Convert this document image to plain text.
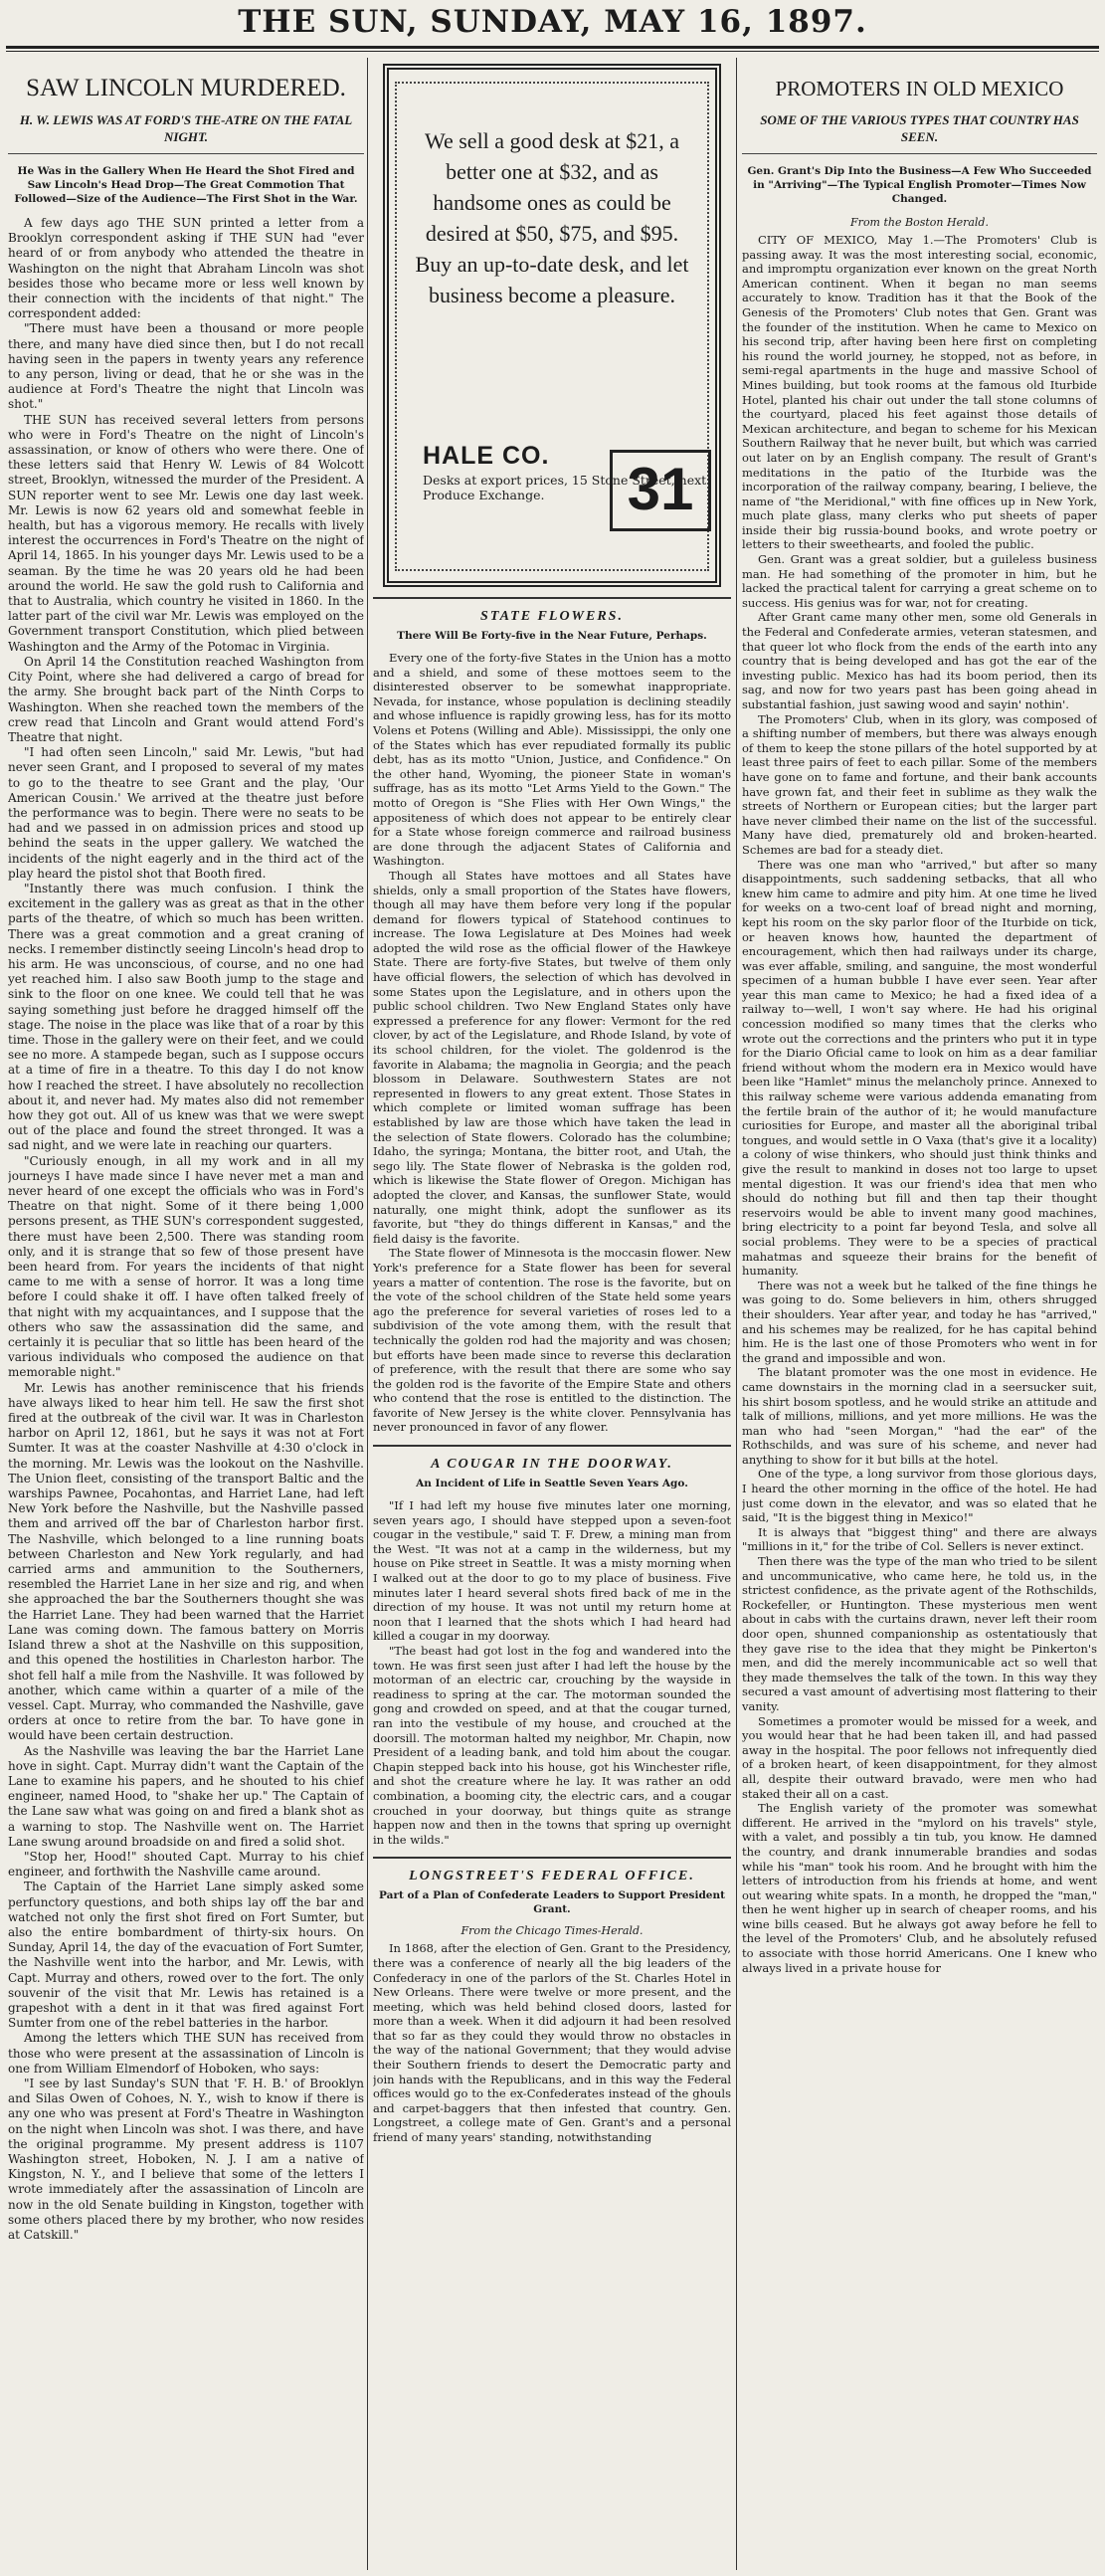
THE SUN, SUNDAY, MAY 16, 1897.
SAW LINCOLN MURDERED.
H. W. LEWIS WAS AT FORD'S THE-ATRE ON THE FATAL NIGHT.
He Was in the Gallery When He Heard the Shot Fired and Saw Lincoln's Head Drop—The Great Commotion That Followed—Size of the Audience—The First Shot in the War.

A few days ago THE SUN printed a letter from a Brooklyn correspondent asking if THE SUN had "ever heard of or from anybody who attended the theatre in Washington on the night that Abraham Lincoln was shot besides those who became more or less well known by their connection with the incidents of that night." The correspondent added:

"There must have been a thousand or more people there, and many have died since then, but I do not recall having seen in the papers in twenty years any reference to any person, living or dead, that he or she was in the audience at Ford's Theatre the night that Lincoln was shot."

THE SUN has received several letters from persons who were in Ford's Theatre on the night of Lincoln's assassination, or know of others who were there. One of these letters said that Henry W. Lewis of 84 Wolcott street, Brooklyn, witnessed the murder of the President. A SUN reporter went to see Mr. Lewis one day last week. Mr. Lewis is now 62 years old and somewhat feeble in health, but has a vigorous memory. He recalls with lively interest the occurrences in Ford's Theatre on the night of April 14, 1865. In his younger days Mr. Lewis used to be a seaman. By the time he was 20 years old he had been around the world. He saw the gold rush to California and that to Australia, which country he visited in 1860. In the latter part of the civil war Mr. Lewis was employed on the Government transport Constitution, which plied between Washington and the Army of the Potomac in Virginia.

On April 14 the Constitution reached Washington from City Point, where she had delivered a cargo of bread for the army. She brought back part of the Ninth Corps to Washington. When she reached town the members of the crew read that Lincoln and Grant would attend Ford's Theatre that night.

"I had often seen Lincoln," said Mr. Lewis, "but had never seen Grant, and I proposed to several of my mates to go to the theatre to see Grant and the play, 'Our American Cousin.' We arrived at the theatre just before the performance was to begin. There were no seats to be had and we passed in on admission prices and stood up behind the seats in the upper gallery. We watched the incidents of the night eagerly and in the third act of the play heard the pistol shot that Booth fired.

"Instantly there was much confusion. I think the excitement in the gallery was as great as that in the other parts of the theatre, of which so much has been written. There was a great commotion and a great craning of necks. I remember distinctly seeing Lincoln's head drop to his arm. He was unconscious, of course, and no one had yet reached him. I also saw Booth jump to the stage and sink to the floor on one knee. We could tell that he was saying something just before he dragged himself off the stage. The noise in the place was like that of a roar by this time. Those in the gallery were on their feet, and we could see no more. A stampede began, such as I suppose occurs at a time of fire in a theatre. To this day I do not know how I reached the street. I have absolutely no recollection about it, and never had. My mates also did not remember how they got out. All of us knew was that we were swept out of the place and found the street thronged. It was a sad night, and we were late in reaching our quarters.

"Curiously enough, in all my work and in all my journeys I have made since I have never met a man and never heard of one except the officials who was in Ford's Theatre on that night. Some of it there being 1,000 persons present, as THE SUN's correspondent suggested, there must have been 2,500. There was standing room only, and it is strange that so few of those present have been heard from. For years the incidents of that night came to me with a sense of horror. It was a long time before I could shake it off. I have often talked freely of that night with my acquaintances, and I suppose that the others who saw the assassination did the same, and certainly it is peculiar that so little has been heard of the various individuals who composed the audience on that memorable night."

Mr. Lewis has another reminiscence that his friends have always liked to hear him tell. He saw the first shot fired at the outbreak of the civil war. It was in Charleston harbor on April 12, 1861, but he says it was not at Fort Sumter. It was at the coaster Nashville at 4:30 o'clock in the morning. Mr. Lewis was the lookout on the Nashville. The Union fleet, consisting of the transport Baltic and the warships Pawnee, Pocahontas, and Harriet Lane, had left New York before the Nashville, but the Nashville passed them and arrived off the bar of Charleston harbor first. The Nashville, which belonged to a line running boats between Charleston and New York regularly, and had carried arms and ammunition to the Southerners, resembled the Harriet Lane in her size and rig, and when she approached the bar the Southerners thought she was the Harriet Lane. They had been warned that the Harriet Lane was coming down. The famous battery on Morris Island threw a shot at the Nashville on this supposition, and this opened the hostilities in Charleston harbor. The shot fell half a mile from the Nashville. It was followed by another, which came within a quarter of a mile of the vessel. Capt. Murray, who commanded the Nashville, gave orders at once to retire from the bar. To have gone in would have been certain destruction.

As the Nashville was leaving the bar the Harriet Lane hove in sight. Capt. Murray didn't want the Captain of the Lane to examine his papers, and he shouted to his chief engineer, named Hood, to "shake her up." The Captain of the Lane saw what was going on and fired a blank shot as a warning to stop. The Nashville went on. The Harriet Lane swung around broadside on and fired a solid shot.

"Stop her, Hood!" shouted Capt. Murray to his chief engineer, and forthwith the Nashville came around.

The Captain of the Harriet Lane simply asked some perfunctory questions, and both ships lay off the bar and watched not only the first shot fired on Fort Sumter, but also the entire bombardment of thirty-six hours. On Sunday, April 14, the day of the evacuation of Fort Sumter, the Nashville went into the harbor, and Mr. Lewis, with Capt. Murray and others, rowed over to the fort. The only souvenir of the visit that Mr. Lewis has retained is a grapeshot with a dent in it that was fired against Fort Sumter from one of the rebel batteries in the harbor.

Among the letters which THE SUN has received from those who were present at the assassination of Lincoln is one from William Elmendorf of Hoboken, who says:

"I see by last Sunday's SUN that 'F. H. B.' of Brooklyn and Silas Owen of Cohoes, N. Y., wish to know if there is any one who was present at Ford's Theatre in Washington on the night when Lincoln was shot. I was there, and have the original programme. My present address is 1107 Washington street, Hoboken, N. J. I am a native of Kingston, N. Y., and I believe that some of the letters I wrote immediately after the assassination of Lincoln are now in the old Senate building in Kingston, together with some others placed there by my brother, who now resides at Catskill."

We sell a good desk at $21, a better one at $32, and as handsome ones as could be desired at $50, $75, and $95. Buy an up-to-date desk, and let business become a pleasure.
HALE CO.
Desks at export prices, 15 Stone Street, next Produce Exchange.	31
STATE FLOWERS.
There Will Be Forty-five in the Near Future, Perhaps.

Every one of the forty-five States in the Union has a motto and a shield, and some of these mottoes seem to the disinterested observer to be somewhat inappropriate. Nevada, for instance, whose population is declining steadily and whose influence is rapidly growing less, has for its motto Volens et Potens (Willing and Able). Mississippi, the only one of the States which has ever repudiated formally its public debt, has as its motto "Union, Justice, and Confidence." On the other hand, Wyoming, the pioneer State in woman's suffrage, has as its motto "Let Arms Yield to the Gown." The motto of Oregon is "She Flies with Her Own Wings," the appositeness of which does not appear to be entirely clear for a State whose foreign commerce and railroad business are done through the adjacent States of California and Washington.

Though all States have mottoes and all States have shields, only a small proportion of the States have flowers, though all may have them before very long if the popular demand for flowers typical of Statehood continues to increase. The Iowa Legislature at Des Moines had week adopted the wild rose as the official flower of the Hawkeye State. There are forty-five States, but twelve of them only have official flowers, the selection of which has devolved in some States upon the Legislature, and in others upon the public school children. Two New England States only have expressed a preference for any flower: Vermont for the red clover, by act of the Legislature, and Rhode Island, by vote of its school children, for the violet. The goldenrod is the favorite in Alabama; the magnolia in Georgia; and the peach blossom in Delaware. Southwestern States are not represented in flowers to any great extent. Those States in which complete or limited woman suffrage has been established by law are those which have taken the lead in the selection of State flowers. Colorado has the columbine; Idaho, the syringa; Montana, the bitter root, and Utah, the sego lily. The State flower of Nebraska is the golden rod, which is likewise the State flower of Oregon. Michigan has adopted the clover, and Kansas, the sunflower State, would naturally, one might think, adopt the sunflower as its favorite, but "they do things different in Kansas," and the field daisy is the favorite.

The State flower of Minnesota is the moccasin flower. New York's preference for a State flower has been for several years a matter of contention. The rose is the favorite, but on the vote of the school children of the State held some years ago the preference for several varieties of roses led to a subdivision of the vote among them, with the result that technically the golden rod had the majority and was chosen; but efforts have been made since to reverse this declaration of preference, with the result that there are some who say the golden rod is the favorite of the Empire State and others who contend that the rose is entitled to the distinction. The favorite of New Jersey is the white clover. Pennsylvania has never pronounced in favor of any flower.

A COUGAR IN THE DOORWAY.
An Incident of Life in Seattle Seven Years Ago.

"If I had left my house five minutes later one morning, seven years ago, I should have stepped upon a seven-foot cougar in the vestibule," said T. F. Drew, a mining man from the West. "It was not at a camp in the wilderness, but my house on Pike street in Seattle. It was a misty morning when I walked out at the door to go to my place of business. Five minutes later I heard several shots fired back of me in the direction of my house. It was not until my return home at noon that I learned that the shots which I had heard had killed a cougar in my doorway.

"The beast had got lost in the fog and wandered into the town. He was first seen just after I had left the house by the motorman of an electric car, crouching by the wayside in readiness to spring at the car. The motorman sounded the gong and crowded on speed, and at that the cougar turned, ran into the vestibule of my house, and crouched at the doorsill. The motorman halted my neighbor, Mr. Chapin, now President of a leading bank, and told him about the cougar. Chapin stepped back into his house, got his Winchester rifle, and shot the creature where he lay. It was rather an odd combination, a booming city, the electric cars, and a cougar crouched in your doorway, but things quite as strange happen now and then in the towns that spring up overnight in the wilds."

LONGSTREET'S FEDERAL OFFICE.
Part of a Plan of Confederate Leaders to Support President Grant.
From the Chicago Times-Herald.

In 1868, after the election of Gen. Grant to the Presidency, there was a conference of nearly all the big leaders of the Confederacy in one of the parlors of the St. Charles Hotel in New Orleans. There were twelve or more present, and the meeting, which was held behind closed doors, lasted for more than a week. When it did adjourn it had been resolved that so far as they could they would throw no obstacles in the way of the national Government; that they would advise their Southern friends to desert the Democratic party and join hands with the Republicans, and in this way the Federal offices would go to the ex-Confederates instead of the ghouls and carpet-baggers that then infested that country. Gen. Longstreet, a college mate of Gen. Grant's and a personal friend of many years' standing, notwithstanding

PROMOTERS IN OLD MEXICO
SOME OF THE VARIOUS TYPES THAT COUNTRY HAS SEEN.
Gen. Grant's Dip Into the Business—A Few Who Succeeded in "Arriving"—The Typical English Promoter—Times Now Changed.
From the Boston Herald.

CITY OF MEXICO, May 1.—The Promoters' Club is passing away. It was the most interesting social, economic, and impromptu organization ever known on the great North American continent. When it began no man seems accurately to know. Tradition has it that the Book of the Genesis of the Promoters' Club notes that Gen. Grant was the founder of the institution. When he came to Mexico on his second trip, after having been here first on completing his round the world journey, he stopped, not as before, in semi-regal apartments in the huge and massive School of Mines building, but took rooms at the famous old Iturbide Hotel, planted his chair out under the tall stone columns of the courtyard, placed his feet against those details of Mexican architecture, and began to scheme for his Mexican Southern Railway that he never built, but which was carried out later on by an English company. The result of Grant's meditations in the patio of the Iturbide was the incorporation of the railway company, bearing, I believe, the name of "the Meridional," with fine offices up in New York, much plate glass, many clerks who put sheets of paper inside their big russia-bound books, and wrote poetry or letters to their sweethearts, and fooled the public.

Gen. Grant was a great soldier, but a guileless business man. He had something of the promoter in him, but he lacked the practical talent for carrying a great scheme on to success. His genius was for war, not for creating.

After Grant came many other men, some old Generals in the Federal and Confederate armies, veteran statesmen, and that queer lot who flock from the ends of the earth into any country that is being developed and has got the ear of the investing public. Mexico has had its boom period, then its sag, and now for two years past has been going ahead in substantial fashion, just sawing wood and sayin' nothin'.

The Promoters' Club, when in its glory, was composed of a shifting number of members, but there was always enough of them to keep the stone pillars of the hotel supported by at least three pairs of feet to each pillar. Some of the members have gone on to fame and fortune, and their bank accounts have grown fat, and their feet in sublime as they walk the streets of Northern or European cities; but the larger part have never climbed their name on the list of the successful. Many have died, prematurely old and broken-hearted. Schemes are bad for a steady diet.

There was one man who "arrived," but after so many disappointments, such saddening setbacks, that all who knew him came to admire and pity him. At one time he lived for weeks on a two-cent loaf of bread night and morning, kept his room on the sky parlor floor of the Iturbide on tick, or heaven knows how, haunted the department of encouragement, which then had railways under its charge, was ever affable, smiling, and sanguine, the most wonderful specimen of a human bubble I have ever seen. Year after year this man came to Mexico; he had a fixed idea of a railway to—well, I won't say where. He had his original concession modified so many times that the clerks who wrote out the corrections and the printers who put it in type for the Diario Oficial came to look on him as a dear familiar friend without whom the modern era in Mexico would have been like "Hamlet" minus the melancholy prince. Annexed to this railway scheme were various addenda emanating from the fertile brain of the author of it; he would manufacture curiosities for Europe, and master all the aboriginal tribal tongues, and would settle in O Vaxa (that's give it a locality) a colony of wise thinkers, who should just think thinks and give the result to mankind in doses not too large to upset mental digestion. It was our friend's idea that men who should do nothing but fill and then tap their thought reservoirs would be able to invent many good machines, bring electricity to a point far beyond Tesla, and solve all social problems. They were to be a species of practical mahatmas and squeeze their brains for the benefit of humanity.

There was not a week but he talked of the fine things he was going to do. Some believers in him, others shrugged their shoulders. Year after year, and today he has "arrived," and his schemes may be realized, for he has capital behind him. He is the last one of those Promoters who went in for the grand and impossible and won.

The blatant promoter was the one most in evidence. He came downstairs in the morning clad in a seersucker suit, his shirt bosom spotless, and he would strike an attitude and talk of millions, millions, and yet more millions. He was the man who had "seen Morgan," "had the ear" of the Rothschilds, and was sure of his scheme, and never had anything to show for it but bills at the hotel.

One of the type, a long survivor from those glorious days, I heard the other morning in the office of the hotel. He had just come down in the elevator, and was so elated that he said, "It is the biggest thing in Mexico!"

It is always that "biggest thing" and there are always "millions in it," for the tribe of Col. Sellers is never extinct.

Then there was the type of the man who tried to be silent and uncommunicative, who came here, he told us, in the strictest confidence, as the private agent of the Rothschilds, Rockefeller, or Huntington. These mysterious men went about in cabs with the curtains drawn, never left their room door open, shunned companionship as ostentatiously that they gave rise to the idea that they might be Pinkerton's men, and did the merely incommunicable act so well that they made themselves the talk of the town. In this way they secured a vast amount of advertising most flattering to their vanity.

Sometimes a promoter would be missed for a week, and you would hear that he had been taken ill, and had passed away in the hospital. The poor fellows not infrequently died of a broken heart, of keen disappointment, for they almost all, despite their outward bravado, were men who had staked their all on a cast.

The English variety of the promoter was somewhat different. He arrived in the "mylord on his travels" style, with a valet, and possibly a tin tub, you know. He damned the country, and drank innumerable brandies and sodas while his "man" took his room. And he brought with him the letters of introduction from his friends at home, and went out wearing white spats. In a month, he dropped the "man," then he went higher up in search of cheaper rooms, and his wine bills ceased. But he always got away before he fell to the level of the Promoters' Club, and he absolutely refused to associate with those horrid Americans. One I knew who always lived in a private house for
